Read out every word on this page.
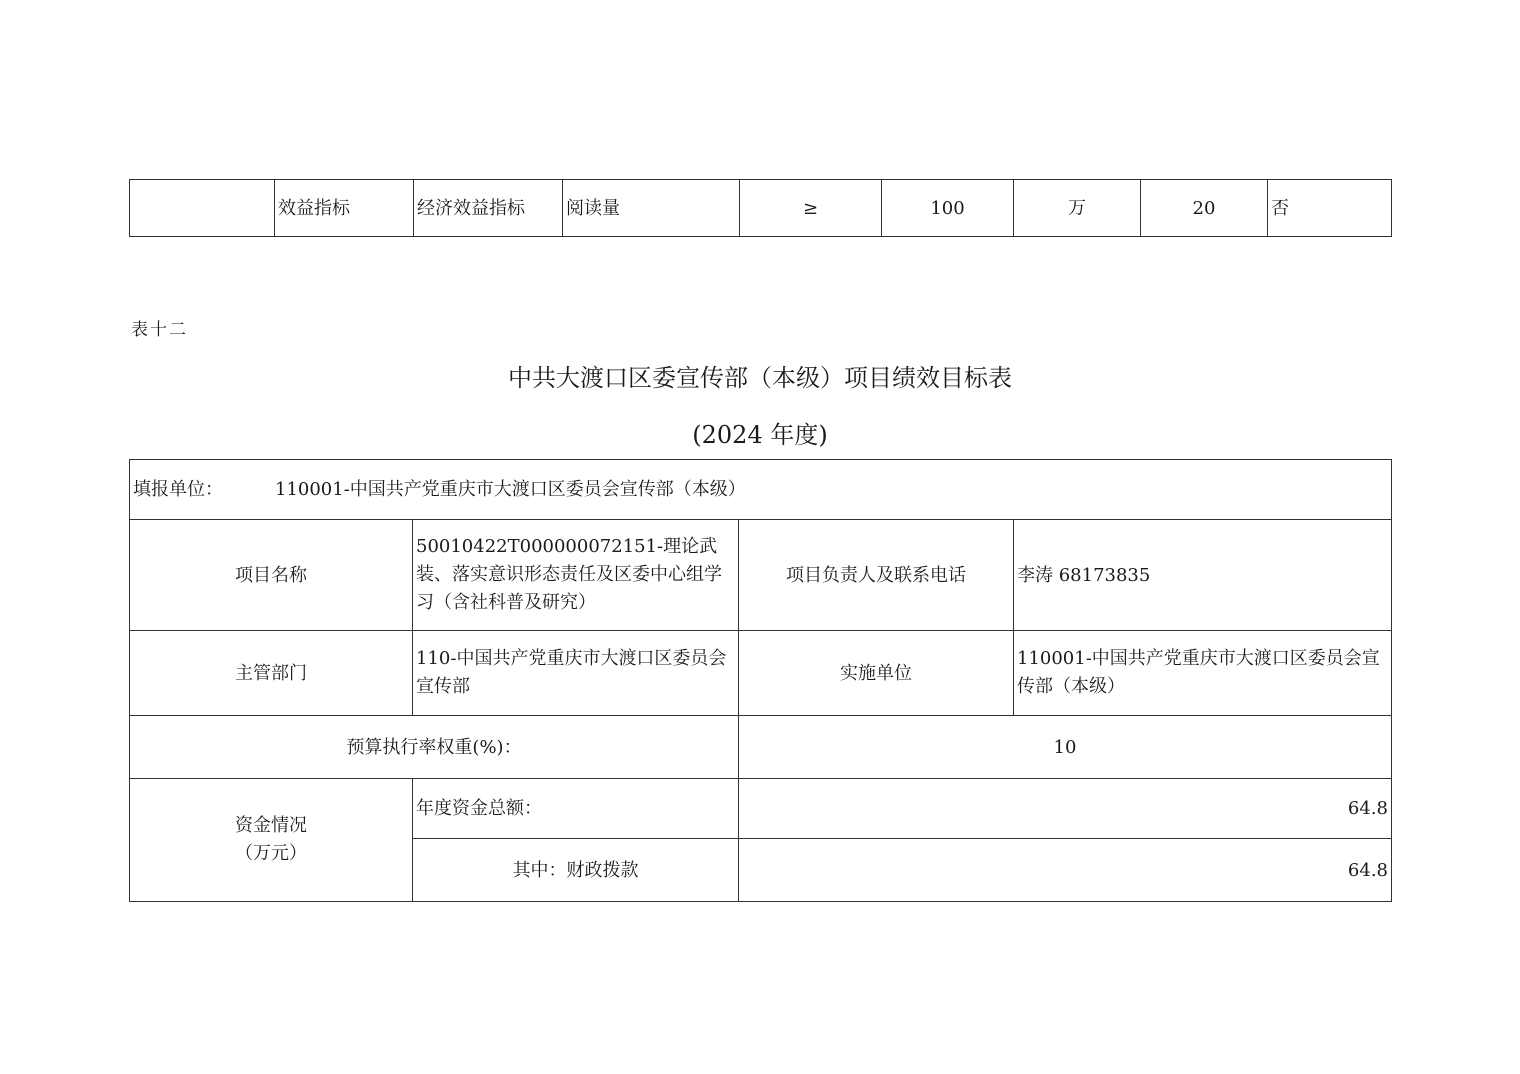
	效益指标	经济效益指标	阅读量	≥	100	万	20	否
表十二
中共大渡口区委宣传部（本级）项目绩效目标表
(2024 年度)
填报单位： 110001-中国共产党重庆市大渡口区委员会宣传部（本级）			

项目名称	50010422T000000072151-理论武装、落实意识形态责任及区委中心组学习（含社科普及研究）	项目负责人及联系电话	李涛 68173835
主管部门	110-中国共产党重庆市大渡口区委员会宣传部	实施单位	110001-中国共产党重庆市大渡口区委员会宣传部（本级）
预算执行率权重(%)：		10	
资金情况（万元）	年度资金总额：	64.8	
	其中：财政拨款	64.8	
